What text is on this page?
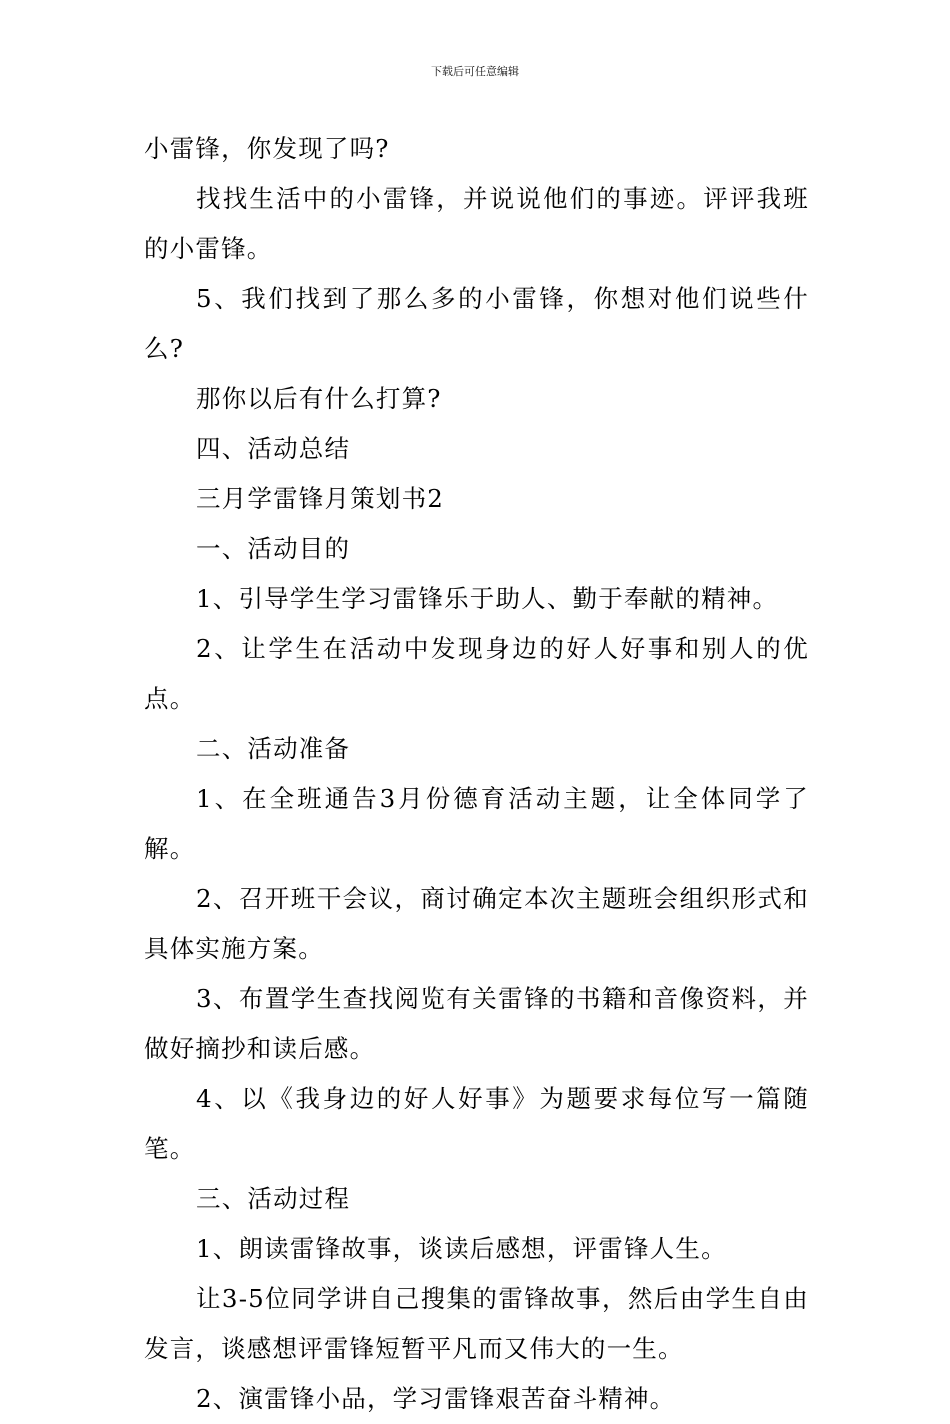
下载后可任意编辑

小雷锋，你发现了吗?

找找生活中的小雷锋，并说说他们的事迹。评评我班的小雷锋。

5、我们找到了那么多的小雷锋，你想对他们说些什么?

那你以后有什么打算?

四、活动总结

三月学雷锋月策划书2

一、活动目的

1、引导学生学习雷锋乐于助人、勤于奉献的精神。

2、让学生在活动中发现身边的好人好事和别人的优点。

二、活动准备

1、在全班通告3月份德育活动主题，让全体同学了解。

2、召开班干会议，商讨确定本次主题班会组织形式和具体实施方案。

3、布置学生查找阅览有关雷锋的书籍和音像资料，并做好摘抄和读后感。

4、以《我身边的好人好事》为题要求每位写一篇随笔。

三、活动过程

1、朗读雷锋故事，谈读后感想，评雷锋人生。

让3-5位同学讲自己搜集的雷锋故事，然后由学生自由发言，谈感想评雷锋短暂平凡而又伟大的一生。

2、演雷锋小品，学习雷锋艰苦奋斗精神。
